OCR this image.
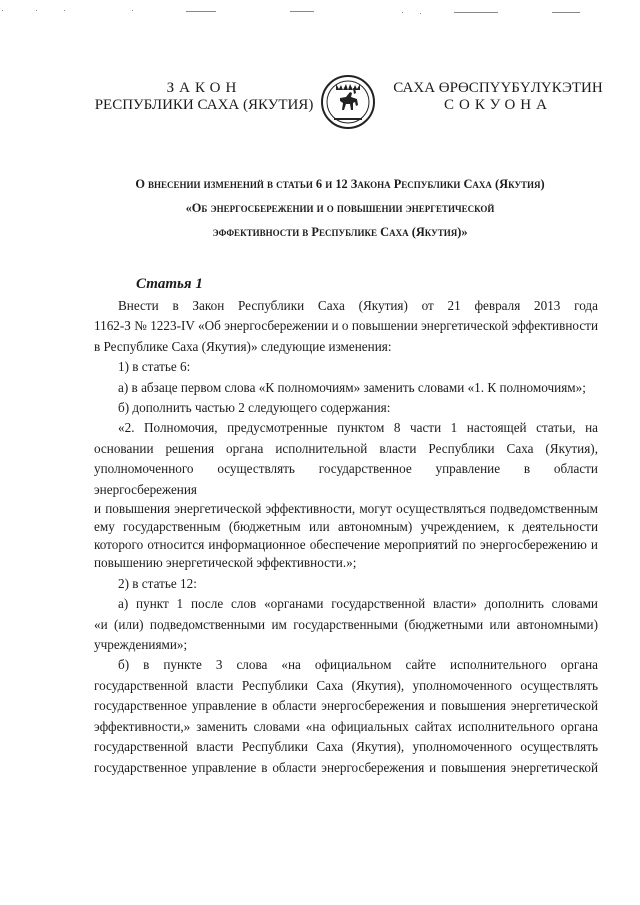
ЗАКОН
РЕСПУБЛИКИ САХА (ЯКУТИЯ)
САХА ӨРӨСПҮҮБҮЛҮКЭТИН
СОКУОНА
О внесении изменений в статьи 6 и 12 Закона Республики Саха (Якутия)
«Об энергосбережении и о повышении энергетической
эффективности в Республике Саха (Якутия)»
Статья 1
Внести в Закон Республики Саха (Якутия) от 21 февраля 2013 года
1162-З № 1223-IV «Об энергосбережении и о повышении энергетической эффективности
в Республике Саха (Якутия)» следующие изменения:
1) в статье 6:
а) в абзаце первом слова «К полномочиям» заменить словами «1. К полномочиям»;
б) дополнить частью 2 следующего содержания:
«2. Полномочия, предусмотренные пунктом 8 части 1 настоящей статьи, на
основании решения органа исполнительной власти Республики Саха (Якутия),
уполномоченного осуществлять государственное управление в области энергосбережения
и повышения энергетической эффективности, могут осуществляться подведомственным
ему государственным (бюджетным или автономным) учреждением, к деятельности
которого относится информационное обеспечение мероприятий по энергосбережению и
повышению энергетической эффективности.»;
2) в статье 12:
а) пункт 1 после слов «органами государственной власти» дополнить словами
«и (или) подведомственными им государственными (бюджетными или автономными)
учреждениями»;
б) в пункте 3 слова «на официальном сайте исполнительного органа
государственной власти Республики Саха (Якутия), уполномоченного осуществлять
государственное управление в области энергосбережения и повышения энергетической
эффективности,» заменить словами «на официальных сайтах исполнительного органа
государственной власти Республики Саха (Якутия), уполномоченного осуществлять
государственное управление в области энергосбережения и повышения энергетической
